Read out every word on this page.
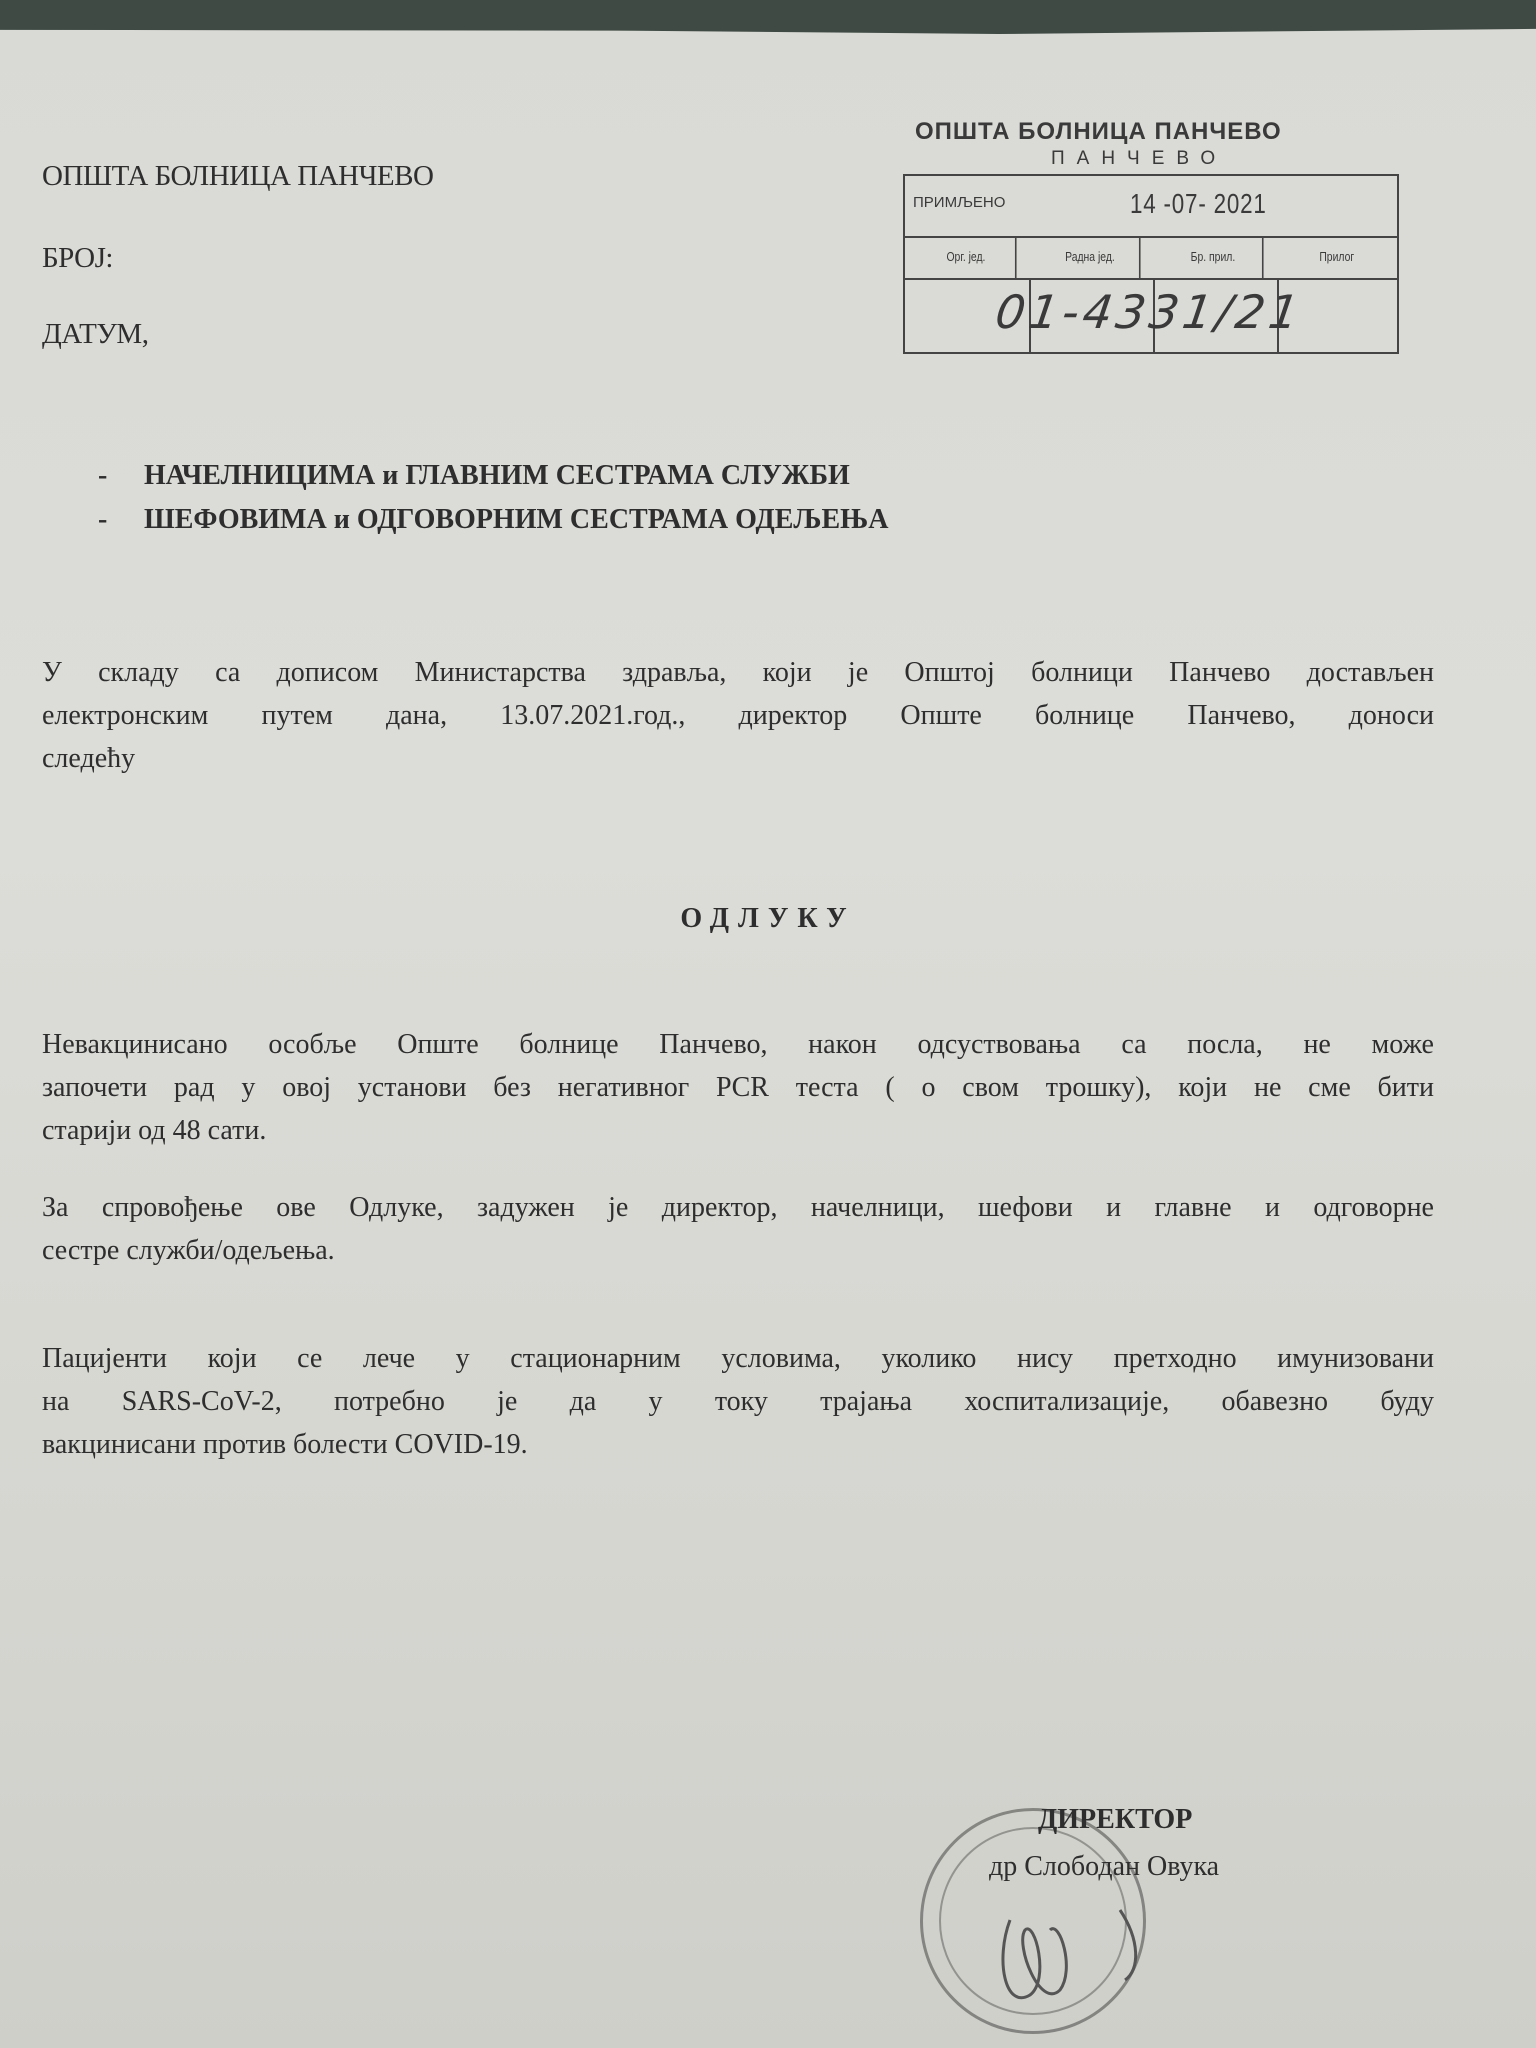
ОПШТА БОЛНИЦА ПАНЧЕВО
БРОЈ:
ДАТУМ,
ОПШТА БОЛНИЦА ПАНЧЕВО
ПАНЧЕВО
ПРИМЉЕНО	14 -07- 2021
Орг. јед.	Радна јед.	Бр. прил.	Прилог
01-4331/21
- НАЧЕЛНИЦИМА и ГЛАВНИМ СЕСТРАМА СЛУЖБИ
- ШЕФОВИМА и ОДГОВОРНИМ СЕСТРАМА ОДЕЉЕЊА
У складу са дописом Министарства здравља, који је Општој болници Панчево достављен
електронским путем дана, 13.07.2021.год., директор Опште болнице Панчево, доноси
следећу
ОДЛУКУ
Невакцинисано особље Опште болнице Панчево, након одсуствовања са посла, не може
започети рад у овој установи без негативног PCR теста ( о свом трошку), који не сме бити
старији од 48 сати.
За спровођење ове Одлуке, задужен је директор, начелници, шефови и главне и одговорне
сестре служби/одељења.
Пацијенти који се лече у стационарним условима, уколико нису претходно имунизовани
на SARS-CoV-2, потребно је да у току трајања хоспитализације, обавезно буду
вакцинисани против болести COVID-19.
ДИРЕКТОР
др Слободан Овука
